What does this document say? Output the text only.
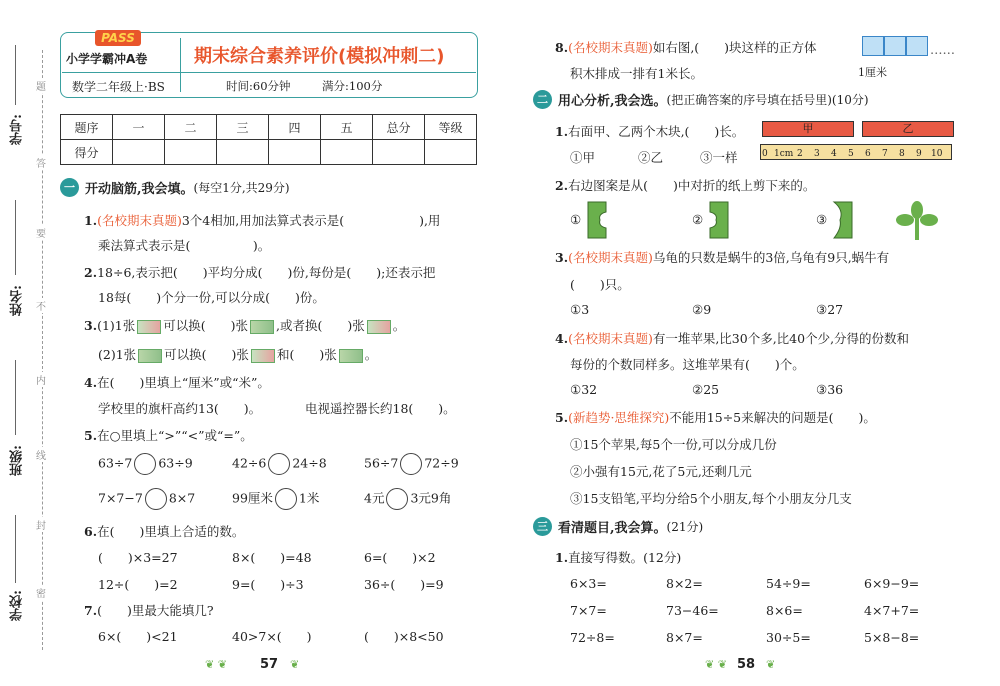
题
答
要
不
内
线
封
密
学号:
姓名:
班级:
学校:
PASS
小学学霸冲A卷
数学二年级上·BS
期末综合素养评价(模拟冲刺二)
时间:60分钟	满分:100分
题序	一	二	三	四	五	总分	等级
得分							
一 开动脑筋,我会填。(每空1分,共29分)
1.(名校期末真题)3个4相加,用加法算式表示是(　　　　　　),用
乘法算式表示是(　　　　　)。
2.18÷6,表示把(　　)平均分成(　　)份,每份是(　　);还表示把
18每(　　)个分一份,可以分成(　　)份。
3.(1)1张 可以换(　　)张 ,或者换(　　)张 。
(2)1张 可以换(　　)张 和(　　)张 。
4.在(　　)里填上“厘米”或“米”。
学校里的旗杆高约13(　　)。	电视遥控器长约18(　　)。
5.在○里填上“>”“<”或“=”。
63÷7 63÷9	42÷6 24÷8	56÷7 72÷9
7×7−7 8×7	99厘米 1米	4元 3元9角
6.在(　　)里填上合适的数。
(　　)×3=27	8×(　　)=48	6=(　　)×2
12÷(　　)=2	9=(　　)÷3	36÷(　　)=9
7.(　　)里最大能填几?
6×(　　)<21	40>7×(　　)	(　　)×8<50
❦ ❦	57 ❦
8.(名校期末真题)如右图,(　　)块这样的正方体
积木排成一排有1米长。
……
1厘米
二 用心分析,我会选。(把正确答案的序号填在括号里)(10分)
1.右面甲、乙两个木块,(　　)长。
①甲	②乙	③一样
甲	乙
0 1cm 2 3 4 5 6 7 8 9 10
2.右边图案是从(　　)中对折的纸上剪下来的。
①	②	③
3.(名校期末真题)乌龟的只数是蜗牛的3倍,乌龟有9只,蜗牛有
(　　)只。
①3	②9	③27
4.(名校期末真题)有一堆苹果,比30个多,比40个少,分得的份数和
每份的个数同样多。这堆苹果有(　　)个。
①32	②25	③36
5.(新趋势·思维探究)不能用15÷5来解决的问题是(　　)。
①15个苹果,每5个一份,可以分成几份
②小强有15元,花了5元,还剩几元
③15支铅笔,平均分给5个小朋友,每个小朋友分几支
三 看清题目,我会算。(21分)
1.直接写得数。(12分)
6×3=	8×2=	54÷9=	6×9−9=
7×7=	73−46=	8×6=	4×7+7=
72÷8=	8×7=	30÷5=	5×8−8=
❦ ❦ 58 ❦
